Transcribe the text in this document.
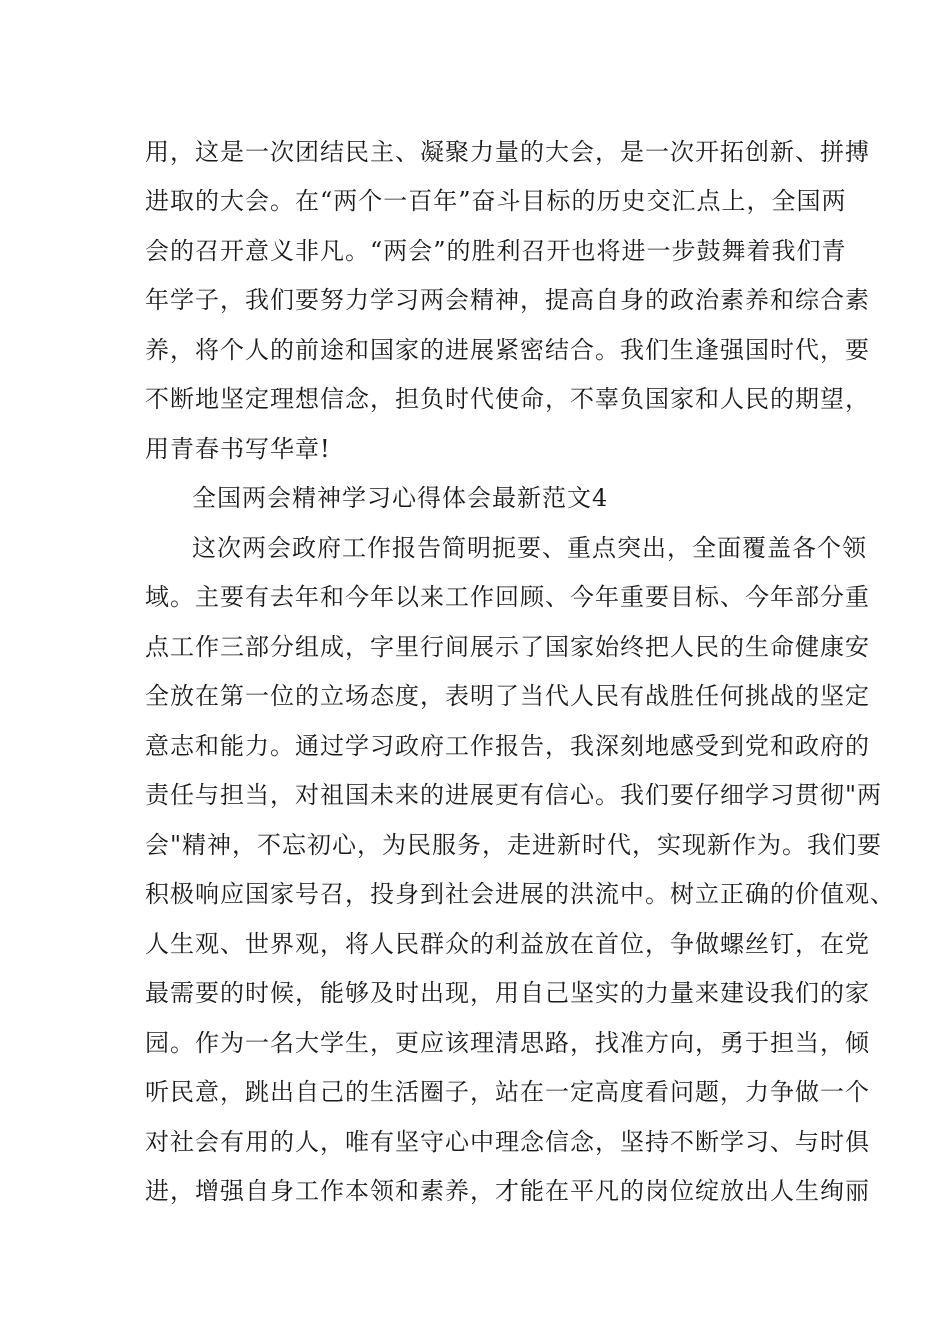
用，这是一次团结民主、凝聚力量的大会，是一次开拓创新、拼搏
进取的大会。在“两个一百年”奋斗目标的历史交汇点上，全国两
会的召开意义非凡。“两会”的胜利召开也将进一步鼓舞着我们青
年学子，我们要努力学习两会精神，提高自身的政治素养和综合素
养，将个人的前途和国家的进展紧密结合。我们生逢强国时代，要
不断地坚定理想信念，担负时代使命，不辜负国家和人民的期望，
用青春书写华章!
全国两会精神学习心得体会最新范文4
这次两会政府工作报告简明扼要、重点突出，全面覆盖各个领
域。主要有去年和今年以来工作回顾、今年重要目标、今年部分重
点工作三部分组成，字里行间展示了国家始终把人民的生命健康安
全放在第一位的立场态度，表明了当代人民有战胜任何挑战的坚定
意志和能力。通过学习政府工作报告，我深刻地感受到党和政府的
责任与担当，对祖国未来的进展更有信心。我们要仔细学习贯彻"两
会"精神，不忘初心，为民服务，走进新时代，实现新作为。我们要
积极响应国家号召，投身到社会进展的洪流中。树立正确的价值观、
人生观、世界观，将人民群众的利益放在首位，争做螺丝钉，在党
最需要的时候，能够及时出现，用自己坚实的力量来建设我们的家
园。作为一名大学生，更应该理清思路，找准方向，勇于担当，倾
听民意，跳出自己的生活圈子，站在一定高度看问题，力争做一个
对社会有用的人，唯有坚守心中理念信念，坚持不断学习、与时俱
进，增强自身工作本领和素养，才能在平凡的岗位绽放出人生绚丽
